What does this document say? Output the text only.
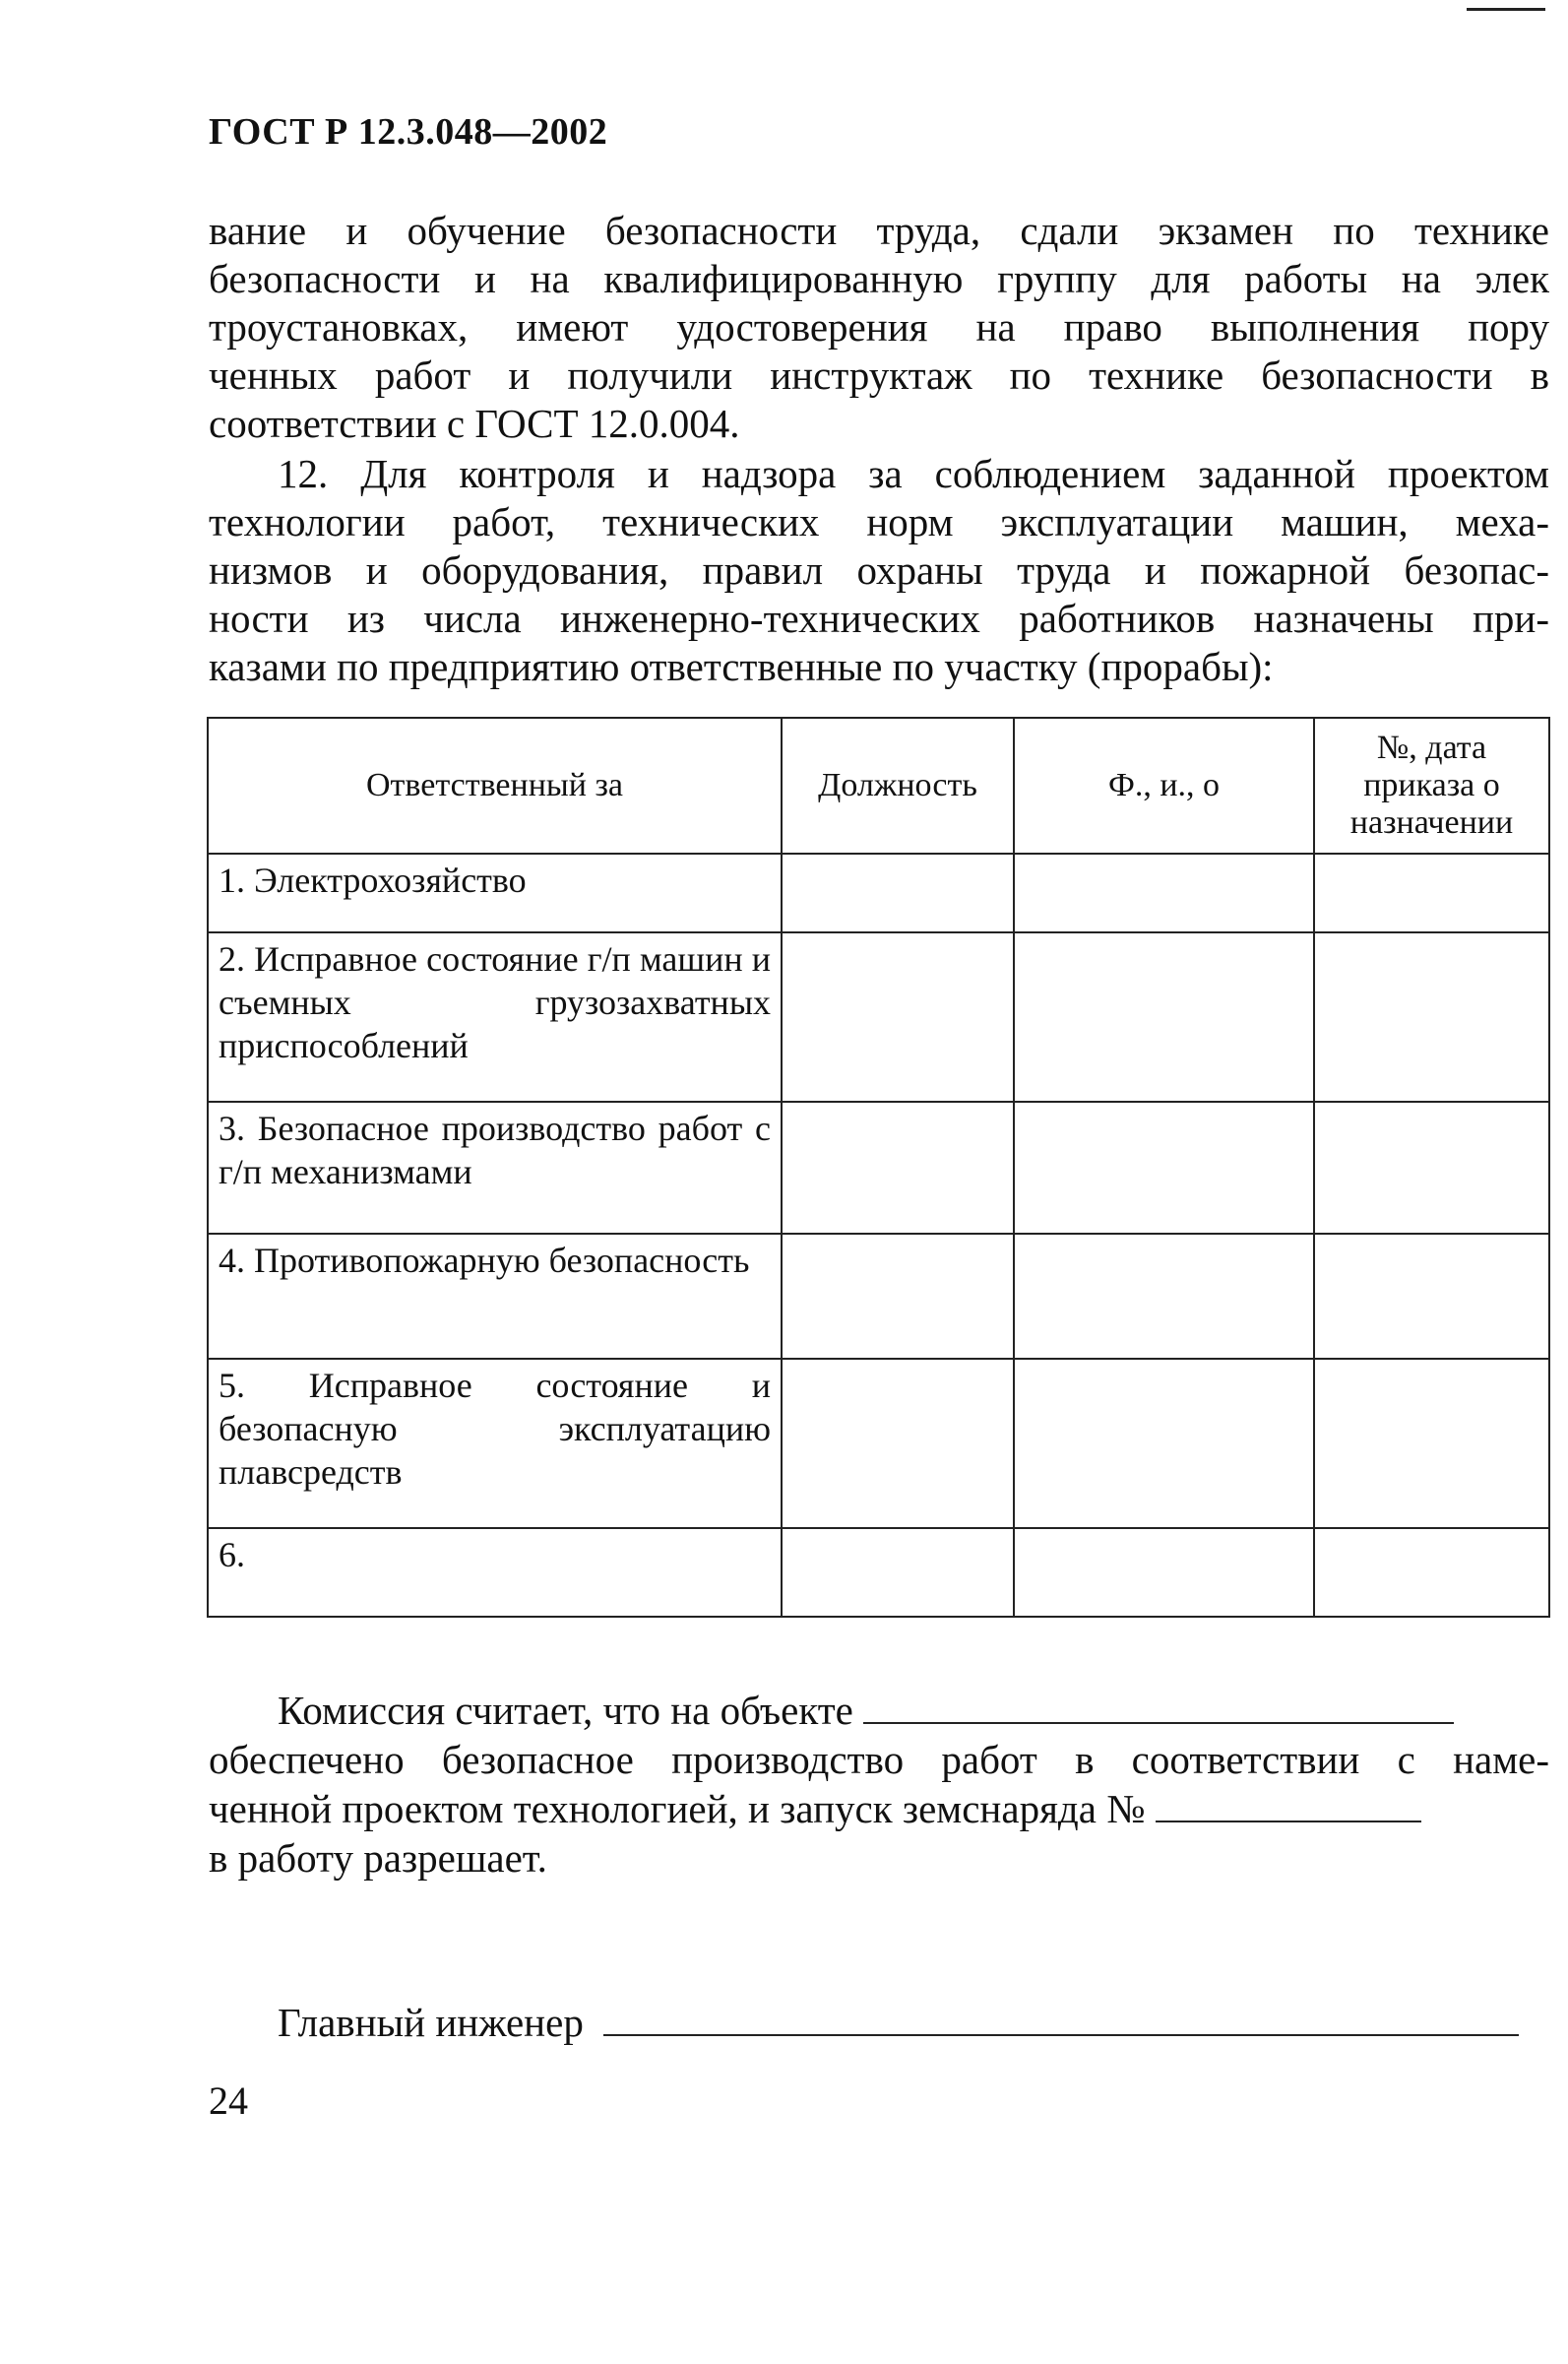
ГОСТ Р 12.3.048—2002
вание и обучение безопасности труда, сдали экзамен по технике
безопасности и на квалифицированную группу для работы на элек
троустановках, имеют удостоверения на право выполнения пору
ченных работ и получили инструктаж по технике безопасности в
соответствии с ГОСТ 12.0.004.
12. Для контроля и надзора за соблюдением заданной проектом
технологии работ, технических норм эксплуатации машин, меха-
низмов и оборудования, правил охраны труда и пожарной безопас-
ности из числа инженерно-технических работников назначены при-
казами по предприятию ответственные по участку (прорабы):
Ответственный за	Должность	Ф., и., о	№, дата приказа о назначении
1. Электрохозяйство			
2. Исправное состояние г/п машин и съемных грузозахватных приспособлений			
3. Безопасное производство работ с г/п механизмами			
4. Противопожарную безопасность			
5. Исправное состояние и безопасную эксплуатацию плавсредств			
6.			
Комиссия считает, что на объекте
обеспечено безопасное производство работ в соответствии с наме-
ченной проектом технологией, и запуск земснаряда №
в работу разрешает.
Главный инженер
24
